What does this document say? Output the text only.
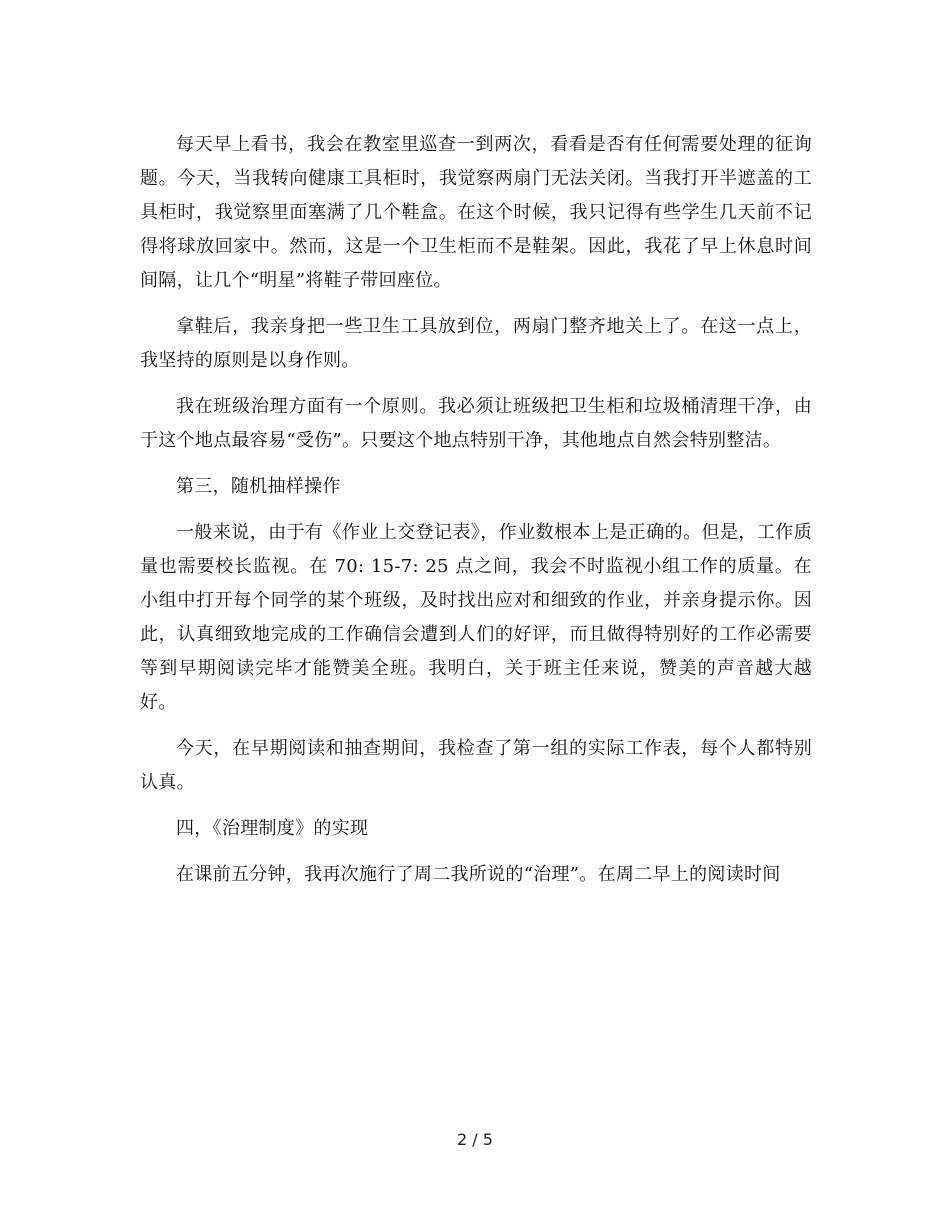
每天早上看书，我会在教室里巡查一到两次，看看是否有任何需要处理的征询题。今天，当我转向健康工具柜时，我觉察两扇门无法关闭。当我打开半遮盖的工具柜时，我觉察里面塞满了几个鞋盒。在这个时候，我只记得有些学生几天前不记得将球放回家中。然而，这是一个卫生柜而不是鞋架。因此，我花了早上休息时间间隔，让几个“明星”将鞋子带回座位。

拿鞋后，我亲身把一些卫生工具放到位，两扇门整齐地关上了。在这一点上，我坚持的原则是以身作则。

我在班级治理方面有一个原则。我必须让班级把卫生柜和垃圾桶清理干净，由于这个地点最容易“受伤”。只要这个地点特别干净，其他地点自然会特别整洁。

第三，随机抽样操作

一般来说，由于有《作业上交登记表》，作业数根本上是正确的。但是，工作质量也需要校长监视。在 70: 15-7: 25 点之间，我会不时监视小组工作的质量。在小组中打开每个同学的某个班级，及时找出应对和细致的作业，并亲身提示你。因此，认真细致地完成的工作确信会遭到人们的好评，而且做得特别好的工作必需要等到早期阅读完毕才能赞美全班。我明白，关于班主任来说，赞美的声音越大越好。

今天，在早期阅读和抽查期间，我检查了第一组的实际工作表，每个人都特别认真。

四，《治理制度》的实现

在课前五分钟，我再次施行了周二我所说的“治理”。在周二早上的阅读时间

2 / 5
